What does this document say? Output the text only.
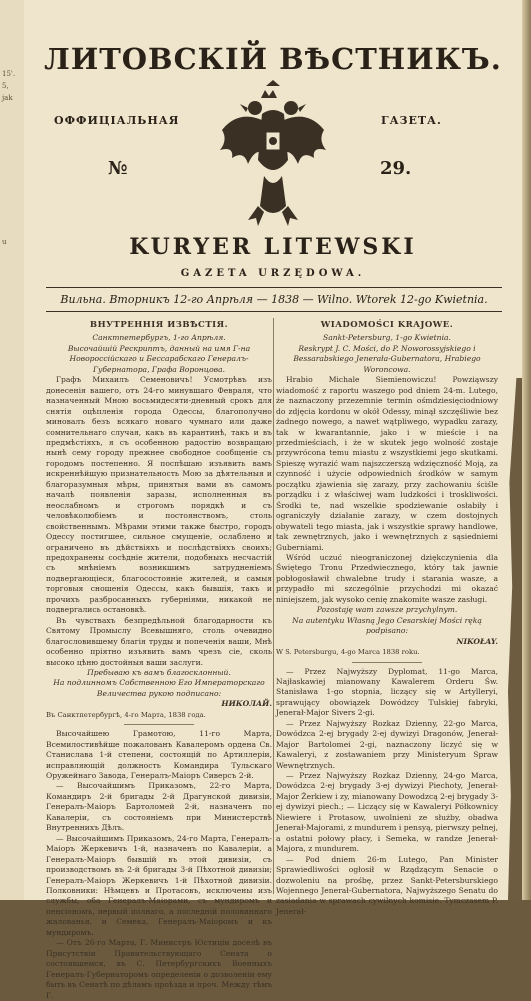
15'.
5,
jak
u
ЛИТОВСКІЙ ВѢСТНИКЪ.
ОФФИЦІАЛЬНАЯ	ГАЗЕТА.
№	29.
KURYER LITEWSKI
GAZETA URZĘDOWA.
Вильна. Вторникъ 12-го Апрѣля — 1838 — Wilno. Wtorek 12-go Kwietnia.
ВНУТРЕННІЯ ИЗВѢСТІЯ.

Санктпетербургъ, 1-го Апрѣля.

Высочайшій Рескриптъ, данный на имя Г-на Новороссійскаго и Бессарабскаго Генералъ-Губернатора, Графа Воронцова.

Графъ Михаилъ Семеновичъ! Усмотрѣвъ изъ донесенія вашего, отъ 24-го минувшаго Февраля, что назначенный Мною восьмидесяти-дневный срокъ для снятія оцѣпленія города Одессы, благополучно миновалъ безъ всякаго новаго чумнаго или даже сомнительнаго случая, какъ въ карантинѣ, такъ и въ предмѣстіяхъ, я съ особенною радостію возвращаю нынѣ сему городу прежнее свободное сообщеніе съ городомъ постепенно. Я поспѣшаю изъявить вамъ искреннѣйшую признательность Мою за дѣятельныя и благоразумныя мѣры, принятыя вами въ самомъ началѣ появленія заразы, исполненныя въ неослабномъ и строгомъ порядкѣ и съ человѣколюбіемъ и постоянствомъ, столь свойственнымъ. Мѣрами этими также быстро, городъ Одессу постигшее, сильное смущеніе, ослаблено и ограничено въ дѣйствіяхъ и послѣдствіяхъ своихъ; предохранены сосѣдніе жители, подобныхъ несчастій съ мнѣніемъ возникшимъ затрудненіемъ подвергающіеся, благосостояніе жителей, и самыя торговыя сношенія Одессы, какъ бывшія, такъ и прочихъ разбросанныхъ губерніями, никакой не подвергались остановкѣ.

Въ чувствахъ безпредѣльной благодарности къ Святому Промыслу Всевышняго, столь очевидно благословившему благія труды и попеченія ваши, Мнѣ особенно пріятно изъявить вамъ чрезъ сіе, сколь высоко цѣню достойныя ваши заслуги.

Пребываю къ вамъ благосклонный.

На подлинномъ Собственною Его Императорскаго Величества рукою подписано:

НИКОЛАЙ.

Въ Санктпетербургѣ, 4-го Марта, 1838 года.

Высочайшею Грамотою, 11-го Марта, Всемилостивѣйше пожалованъ Кавалеромъ ордена Св. Станислава 1-й степени, состоящій по Артиллеріи, исправляющій должность Командира Тульскаго Оружейнаго Завода, Генералъ-Маіоръ Сиверсъ 2-й.

— Высочайшимъ Приказомъ, 22-го Марта, Командиръ 2-й бригады 2-й Драгунской дивизіи, Генералъ-Маіоръ Бартоломей 2-й, назначенъ по Кавалеріи, съ состояніемъ при Министерствѣ Внутреннихъ Дѣлъ.

— Высочайшимъ Приказомъ, 24-го Марта, Генералъ-Маіоръ Жеркевичъ 1-й, назначенъ по Кавалеріи, а Генералъ-Маіоръ бывшій въ этой дивизіи, съ производствомъ въ 2-й бригады 3-й Пѣхотной дивизіи; Генералъ-Маіоръ Жеркевичъ 1-й Пѣхотной дивизіи. Полковники: Нѣмцевъ и Протасовъ, исключены изъ службы, оба Генералъ-Маіорами, съ мундиромъ и пенсіономъ, первый полнаго, а последній половиннаго жалованья, и Семека, Генералъ-Маіоромъ и къ мундиромъ.

— Отъ 26-го Марта, Г. Министръ Юстиціи доселѣ въ Присутствіи Правительствующаго Сената о состоявшемся, въ С. Петербургскихъ Военныхъ Генералъ-Губернаторомъ определеніи о дозволеніи ему быть въ Сенатѣ по дѣламъ проѣзда и проч. Между тѣмъ Г.

WIADOMOŚCI KRAJOWE.

Sankt-Petersburg, 1-go Kwietnia.

Reskrypt J. C. Mości, do P. Noworossyjskiego i Bessarabskiego Jenerała-Gubernatora, Hrabiego Woroncowa.

Hrabio Michale Siemienowiczu! Powziąwszy wiadomość z raportu waszego pod dniem 24-m. Lutego, że naznaczony przezemnie termin ośmdziesięciodniowy do zdjęcia kordonu w okół Odessy, minął szczęśliwie bez żadnego nowego, a nawet wątpliwego, wypadku zarazy, tak w kwarantannie, jako i w mieście i na przedmieściach, i że w skutek jego wolność zostaje przywrócona temu miastu z wszystkiemi jego skutkami. Spieszę wyrazić wam najszczerszą wdzięczność Moją, za czynność i użycie odpowiednich środków w samym początku zjawienia się zarazy, przy zachowaniu ściśle porządku i z właściwej wam ludzkości i troskliwości. Środki te, nad wszelkie spodziewanie osłabiły i ograniczyły działanie zarazy, w czem dostojnych obywateli tego miasta, jak i wszystkie sprawy handlowe, tak zewnętrznych, jako i wewnętrznych z sąsiedniemi Guberniami.

Wśród uczuć nieograniczonej dziękczynienia dla Świętego Tronu Przedwiecznego, który tak jawnie pobłogosławił chwalebne trudy i starania wasze, a przypadło mi szczególnie przychodzi mi okazać niniejszem, jak wysoko cenię znakomite wasze zasługi.

Pozostaję wam zawsze przychylnym.

Na autentyku Własną Jego Cesarskiej Mości ręką podpisano:

NIKOŁAY.

W S. Petersburgu, 4-go Marca 1838 roku.

— Przez Najwyższy Dyplomat, 11-go Marca, Najłaskawiej mianowany Kawalerem Orderu Św. Stanisława 1-go stopnia, liczący się w Artylleryi, sprawujący obowiązek Dowódzcy Tulskiej fabryki, Jenerał-Major Sivers 2-gi.

— Przez Najwyższy Rozkaz Dzienny, 22-go Marca, Dowódzca 2-ej brygady 2-ej dywizyi Dragonów, Jenerał-Major Bartolomei 2-gi, naznaczony liczyć się w Kawaleryi, z zostawaniem przy Ministeryum Spraw Wewnętrznych.

— Przez Najwyższy Rozkaz Dzienny, 24-go Marca, Dowódzca 2-ej brygady 3-ej dywizyi Piechoty, Jenerał-Major Żerkiew i zy, mianowany Dowodzcą 2-ej brygady 3-ej dywizyi piech.; — Liczący się w Kawaleryi Półkownicy Niewiere i Protasow, uwolnieni ze służby, obadwa Jenerał-Majorami, z mundurem i pensyą, pierwszy pełnej, a ostatni połowy płacy, i Semeka, w randze Jenerał-Majora, z mundurem.

— Pod dniem 26-m Lutego, Pan Minister Sprawiedliwości ogłosił w Rządzącym Senacie o dozwoleniu na prośbę, przez Sankt-Petersburskiego Wojennego Jenerał-Gubernatora, Najwyższego Senatu do zasiadania w sprawach cywilnych komisie. Tymczasem P. Jenerał-
